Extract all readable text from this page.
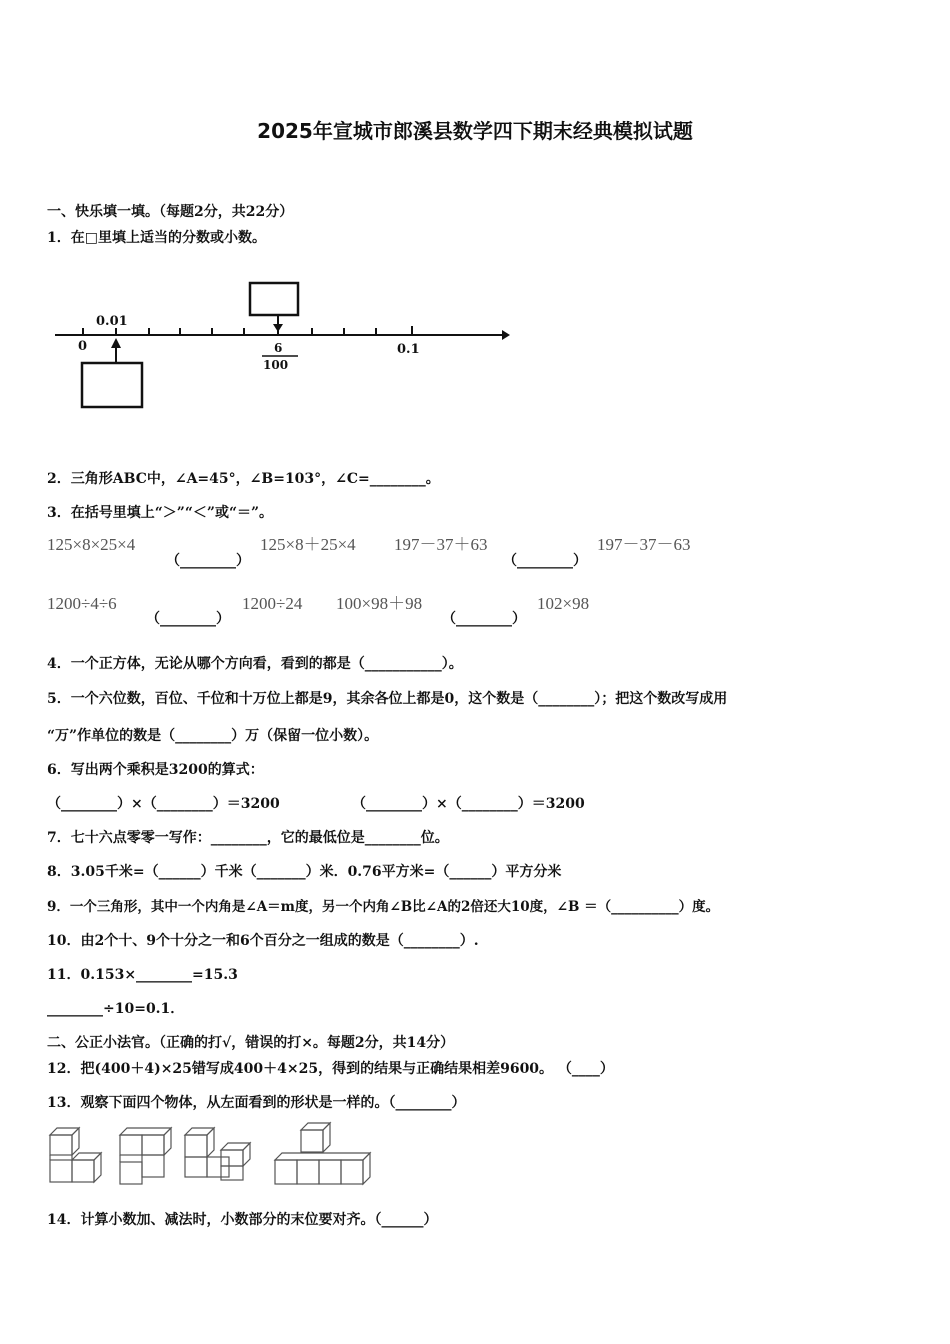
2025年宣城市郎溪县数学四下期末经典模拟试题
一、快乐填一填。（每题2分，共22分）
1．在□里填上适当的分数或小数。
0.01
0	6
100
0.1
2．三角形ABC中，∠A=45°，∠B=103°，∠C=________。
3．在括号里填上“＞”“＜”或“＝”。
125×8×25×4
（________）
125×8＋25×4 197－37＋63
（________）
197－37－63
1200÷4÷6
（________）
1200÷24 100×98＋98
（________）
102×98
4．一个正方体，无论从哪个方向看，看到的都是（___________）。
5．一个六位数，百位、千位和十万位上都是9，其余各位上都是0，这个数是（________）；把这个数改写成用
“万”作单位的数是（________）万（保留一位小数）。
6．写出两个乘积是3200的算式：
（________）×（________）＝3200	（________）×（________）＝3200
7．七十六点零零一写作：________，它的最低位是________位。
8．3.05千米=（______）千米（_______）米．0.76平方米=（______）平方分米
9．一个三角形，其中一个内角是∠A＝m度，另一个内角∠B比∠A的2倍还大10度，∠B ＝（__________）度。
10．由2个十、9个十分之一和6个百分之一组成的数是（________）.
11．0.153×________=15.3
________÷10=0.1．
二、公正小法官。（正确的打√，错误的打×。每题2分，共14分）
12．把(400＋4)×25错写成400＋4×25，得到的结果与正确结果相差9600。 （____）
13．观察下面四个物体，从左面看到的形状是一样的。（________）
14．计算小数加、减法时，小数部分的末位要对齐。（______）
